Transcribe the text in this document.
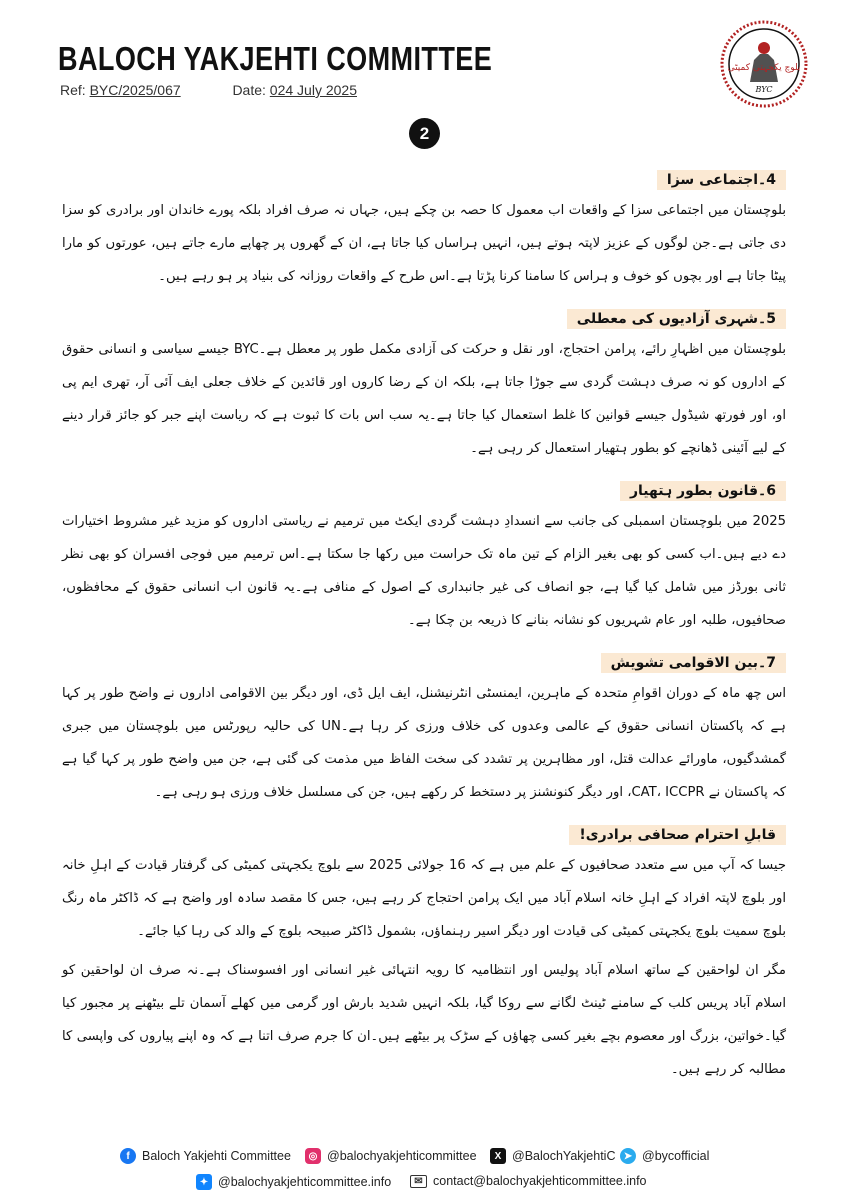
BALOCH YAKJEHTI COMMITTEE
Ref: BYC/2025/067	Date: 024 July 2025
بلوچ یکجہتی کمیٹی
BYC
2
4۔اجتماعی سزا
بلوچستان میں اجتماعی سزا کے واقعات اب معمول کا حصہ بن چکے ہیں، جہاں نہ صرف افراد بلکہ پورے خاندان اور برادری کو سزا دی جاتی ہے۔جن لوگوں کے عزیز لاپتہ ہوتے ہیں، انہیں ہراساں کیا جاتا ہے، ان کے گھروں پر چھاپے مارے جاتے ہیں، عورتوں کو مارا پیٹا جاتا ہے اور بچوں کو خوف و ہراس کا سامنا کرنا پڑتا ہے۔اس طرح کے واقعات روزانہ کی بنیاد پر ہو رہے ہیں۔
5۔شہری آزادیوں کی معطلی
بلوچستان میں اظہارِ رائے، پرامن احتجاج، اور نقل و حرکت کی آزادی مکمل طور پر معطل ہے۔BYC جیسے سیاسی و انسانی حقوق کے اداروں کو نہ صرف دہشت گردی سے جوڑا جاتا ہے، بلکہ ان کے رضا کاروں اور قائدین کے خلاف جعلی ایف آئی آر، تھری ایم پی او، اور فورتھ شیڈول جیسے قوانین کا غلط استعمال کیا جاتا ہے۔یہ سب اس بات کا ثبوت ہے کہ ریاست اپنے جبر کو جائز قرار دینے کے لیے آئینی ڈھانچے کو بطور ہتھیار استعمال کر رہی ہے۔
6۔قانون بطور ہتھیار
2025 میں بلوچستان اسمبلی کی جانب سے انسدادِ دہشت گردی ایکٹ میں ترمیم نے ریاستی اداروں کو مزید غیر مشروط اختیارات دے دیے ہیں۔اب کسی کو بھی بغیر الزام کے تین ماہ تک حراست میں رکھا جا سکتا ہے۔اس ترمیم میں فوجی افسران کو بھی نظر ثانی بورڈز میں شامل کیا گیا ہے، جو انصاف کی غیر جانبداری کے اصول کے منافی ہے۔یہ قانون اب انسانی حقوق کے محافظوں، صحافیوں، طلبہ اور عام شہریوں کو نشانہ بنانے کا ذریعہ بن چکا ہے۔
7۔بین الاقوامی تشویش
اس چھ ماہ کے دوران اقوامِ متحدہ کے ماہرین، ایمنسٹی انٹرنیشنل، ایف ایل ڈی، اور دیگر بین الاقوامی اداروں نے واضح طور پر کہا ہے کہ پاکستان انسانی حقوق کے عالمی وعدوں کی خلاف ورزی کر رہا ہے۔UN کی حالیہ رپورٹس میں بلوچستان میں جبری گمشدگیوں، ماورائے عدالت قتل، اور مظاہرین پر تشدد کی سخت الفاظ میں مذمت کی گئی ہے، جن میں واضح طور پر کہا گیا ہے کہ پاکستان نے CAT، ICCPR، اور دیگر کنونشنز پر دستخط کر رکھے ہیں، جن کی مسلسل خلاف ورزی ہو رہی ہے۔
قابلِ احترام صحافی برادری!
جیسا کہ آپ میں سے متعدد صحافیوں کے علم میں ہے کہ 16 جولائی 2025 سے بلوچ یکجہتی کمیٹی کی گرفتار قیادت کے اہلِ خانہ اور بلوچ لاپتہ افراد کے اہلِ خانہ اسلام آباد میں ایک پرامن احتجاج کر رہے ہیں، جس کا مقصد سادہ اور واضح ہے کہ ڈاکٹر ماہ رنگ بلوچ سمیت بلوچ یکجہتی کمیٹی کی قیادت اور دیگر اسیر رہنماؤں، بشمول ڈاکٹر صبیحہ بلوچ کے والد کی رہا کیا جائے۔
مگر ان لواحقین کے ساتھ اسلام آباد پولیس اور انتظامیہ کا رویہ انتہائی غیر انسانی اور افسوسناک ہے۔نہ صرف ان لواحقین کو اسلام آباد پریس کلب کے سامنے ٹینٹ لگانے سے روکا گیا، بلکہ انہیں شدید بارش اور گرمی میں کھلے آسمان تلے بیٹھنے پر مجبور کیا گیا۔خواتین، بزرگ اور معصوم بچے بغیر کسی چھاؤں کے سڑک پر بیٹھے ہیں۔ان کا جرم صرف اتنا ہے کہ وہ اپنے پیاروں کی واپسی کا مطالبہ کر رہے ہیں۔
f Baloch Yakjehti Committee	◎ @balochyakjehticommittee	X @BalochYakjehtiC ➤ @bycofficial
✦ @balochyakjehticommittee.info	✉ contact@balochyakjehticommittee.info
